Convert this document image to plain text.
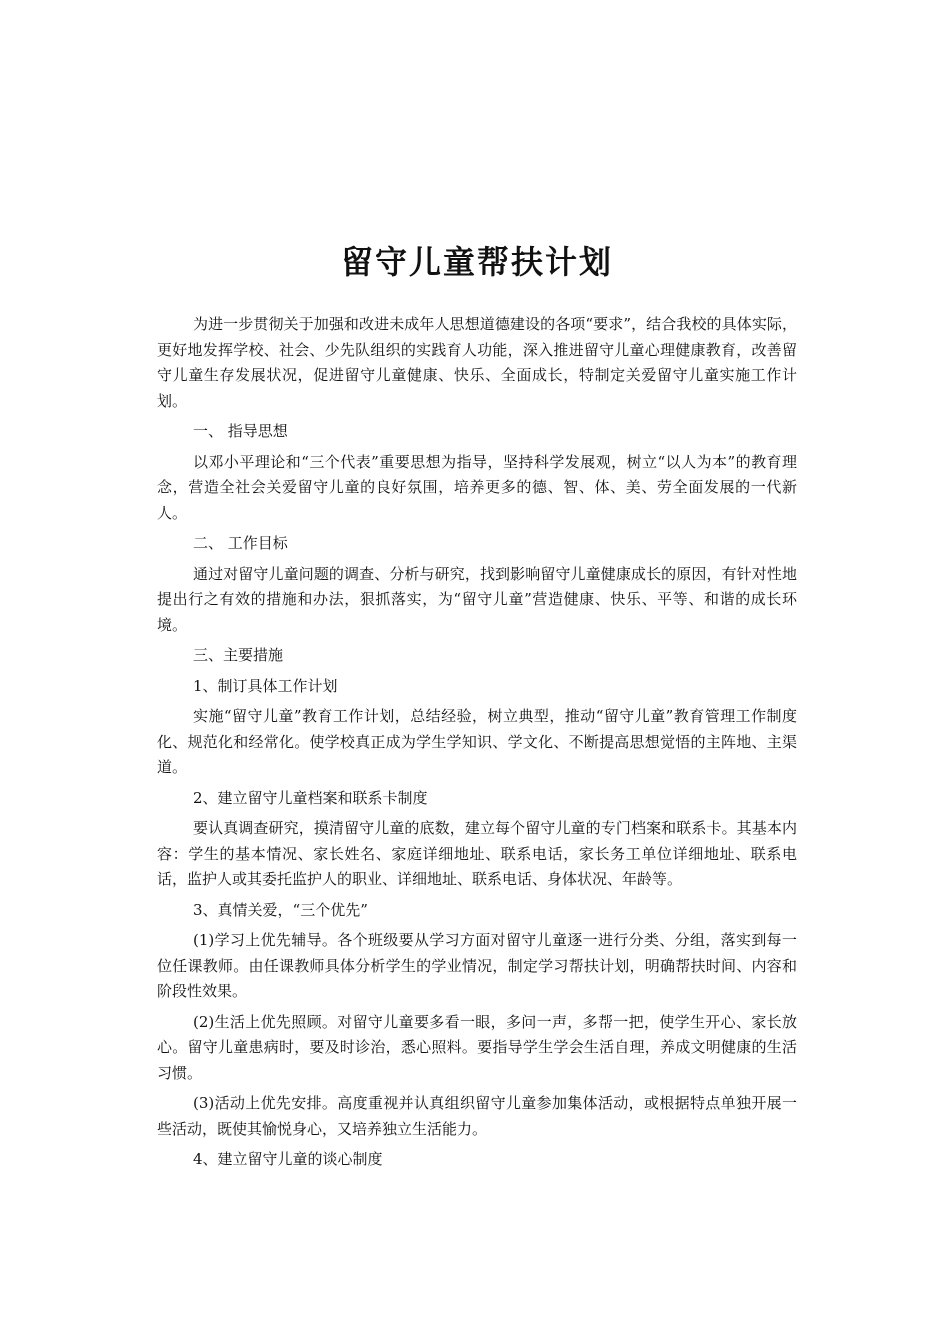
留守儿童帮扶计划

为进一步贯彻关于加强和改进未成年人思想道德建设的各项“要求”，结合我校的具体实际，更好地发挥学校、社会、少先队组织的实践育人功能，深入推进留守儿童心理健康教育，改善留守儿童生存发展状况，促进留守儿童健康、快乐、全面成长，特制定关爱留守儿童实施工作计划。

一、 指导思想

以邓小平理论和“三个代表”重要思想为指导，坚持科学发展观，树立“以人为本”的教育理念，营造全社会关爱留守儿童的良好氛围，培养更多的德、智、体、美、劳全面发展的一代新人。

二、 工作目标

通过对留守儿童问题的调查、分析与研究，找到影响留守儿童健康成长的原因，有针对性地提出行之有效的措施和办法，狠抓落实，为“留守儿童”营造健康、快乐、平等、和谐的成长环境。

三、主要措施

1、制订具体工作计划

实施“留守儿童”教育工作计划，总结经验，树立典型，推动“留守儿童”教育管理工作制度化、规范化和经常化。使学校真正成为学生学知识、学文化、不断提高思想觉悟的主阵地、主渠道。

2、建立留守儿童档案和联系卡制度

要认真调查研究，摸清留守儿童的底数，建立每个留守儿童的专门档案和联系卡。其基本内容：学生的基本情况、家长姓名、家庭详细地址、联系电话，家长务工单位详细地址、联系电话，监护人或其委托监护人的职业、详细地址、联系电话、身体状况、年龄等。

3、真情关爱，“三个优先”

(1)学习上优先辅导。各个班级要从学习方面对留守儿童逐一进行分类、分组，落实到每一位任课教师。由任课教师具体分析学生的学业情况，制定学习帮扶计划，明确帮扶时间、内容和阶段性效果。

(2)生活上优先照顾。对留守儿童要多看一眼，多问一声，多帮一把，使学生开心、家长放心。留守儿童患病时，要及时诊治，悉心照料。要指导学生学会生活自理，养成文明健康的生活习惯。

(3)活动上优先安排。高度重视并认真组织留守儿童参加集体活动，或根据特点单独开展一些活动，既使其愉悦身心，又培养独立生活能力。

4、建立留守儿童的谈心制度
